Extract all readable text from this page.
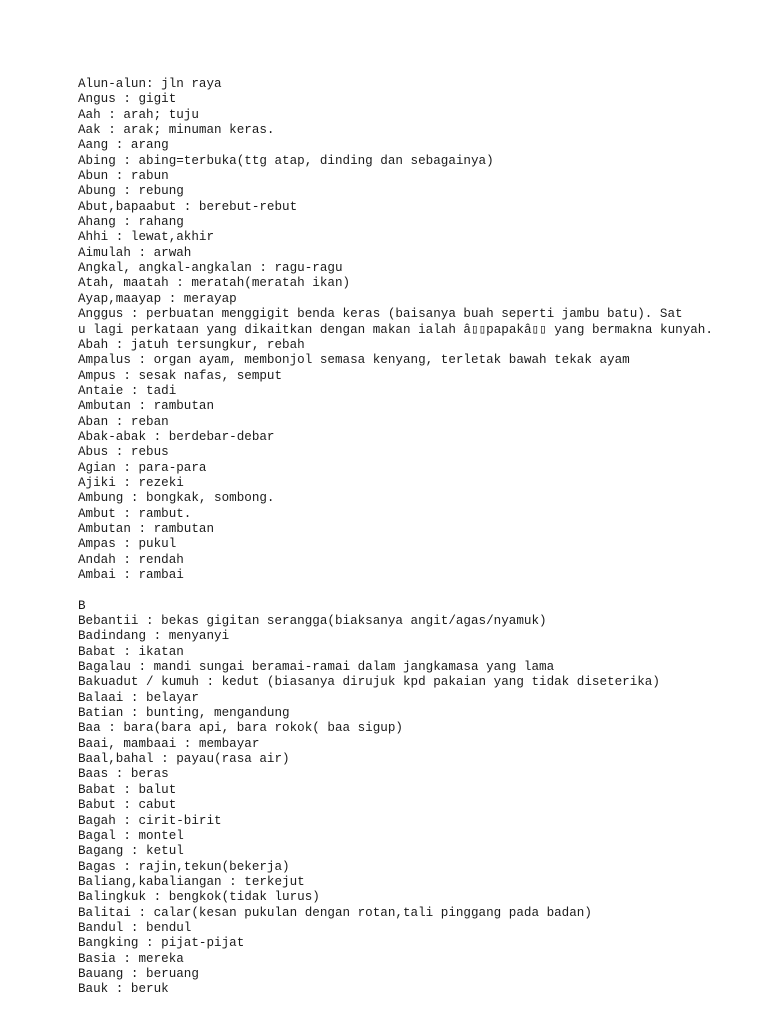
Alun-alun: jln raya
Angus : gigit
Aah : arah; tuju
Aak : arak; minuman keras.
Aang : arang
Abing : abing=terbuka(ttg atap, dinding dan sebagainya)
Abun : rabun
Abung : rebung
Abut,bapaabut : berebut-rebut
Ahang : rahang
Ahhi : lewat,akhir
Aimulah : arwah
Angkal, angkal-angkalan : ragu-ragu
Atah, maatah : meratah(meratah ikan)
Ayap,maayap : merayap
Anggus : perbuatan menggigit benda keras (baisanya buah seperti jambu batu). Sat
u lagi perkataan yang dikaitkan dengan makan ialah â▯▯papakâ▯▯ yang bermakna kunyah.
Abah : jatuh tersungkur, rebah
Ampalus : organ ayam, membonjol semasa kenyang, terletak bawah tekak ayam
Ampus : sesak nafas, semput
Antaie : tadi
Ambutan : rambutan
Aban : reban
Abak-abak : berdebar-debar
Abus : rebus
Agian : para-para
Ajiki : rezeki
Ambung : bongkak, sombong.
Ambut : rambut.
Ambutan : rambutan
Ampas : pukul
Andah : rendah
Ambai : rambai
B
Bebantii : bekas gigitan serangga(biaksanya angit/agas/nyamuk)
Badindang : menyanyi
Babat : ikatan
Bagalau : mandi sungai beramai-ramai dalam jangkamasa yang lama
Bakuadut / kumuh : kedut (biasanya dirujuk kpd pakaian yang tidak diseterika)
Balaai : belayar
Batian : bunting, mengandung
Baa : bara(bara api, bara rokok( baa sigup)
Baai, mambaai : membayar
Baal,bahal : payau(rasa air)
Baas : beras
Babat : balut
Babut : cabut
Bagah : cirit-birit
Bagal : montel
Bagang : ketul
Bagas : rajin,tekun(bekerja)
Baliang,kabaliangan : terkejut
Balingkuk : bengkok(tidak lurus)
Balitai : calar(kesan pukulan dengan rotan,tali pinggang pada badan)
Bandul : bendul
Bangking : pijat-pijat
Basia : mereka
Bauang : beruang
Bauk : beruk
